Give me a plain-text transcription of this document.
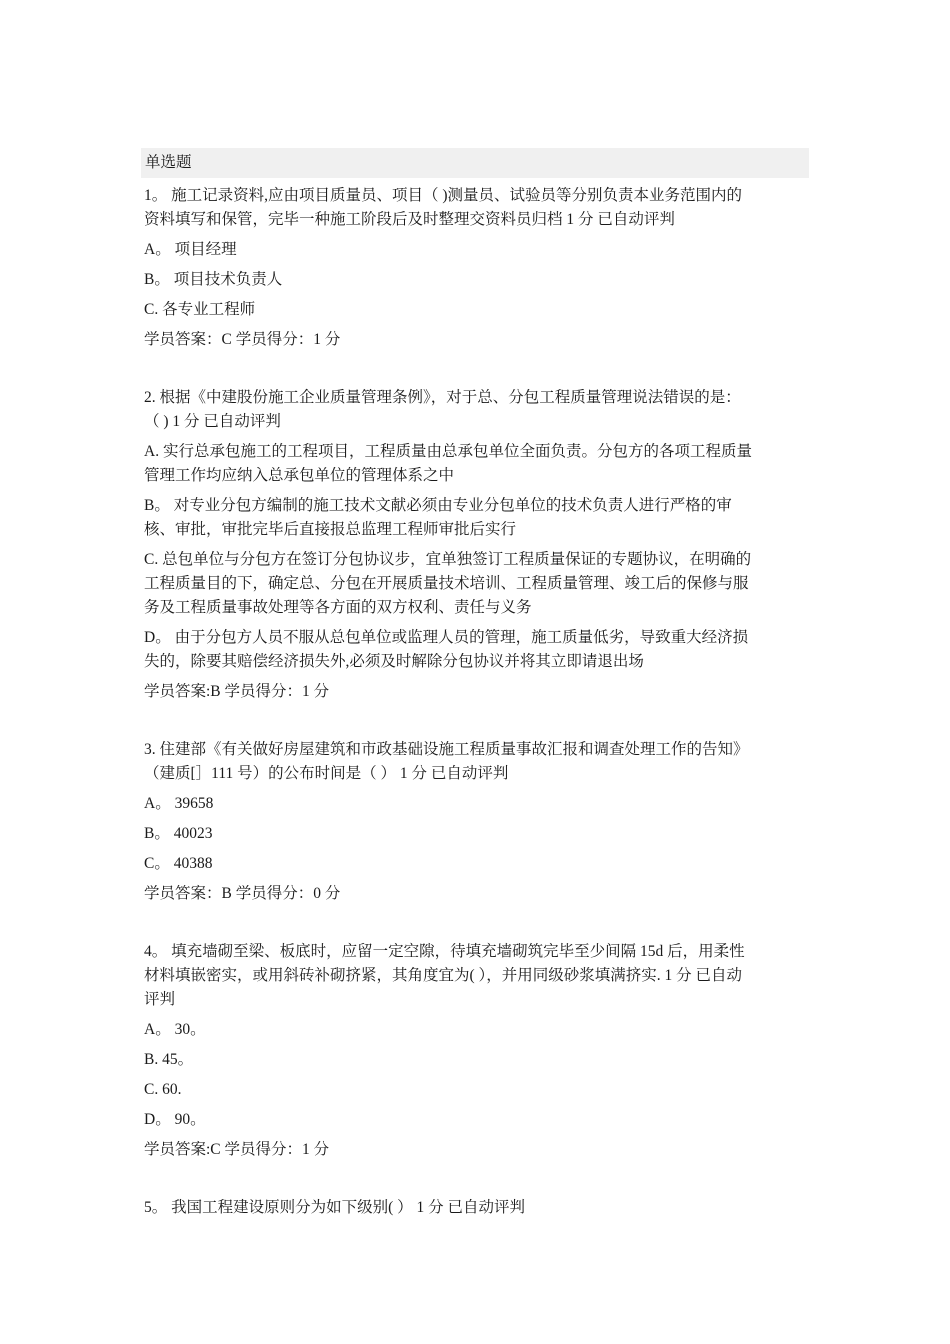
单选题
1。 施工记录资料,应由项目质量员、项目（ )测量员、试验员等分别负责本业务范围内的
资料填写和保管，完毕一种施工阶段后及时整理交资料员归档 1 分 已自动评判
A。 项目经理
B。 项目技术负责人
C. 各专业工程师
学员答案：C 学员得分：1 分
2. 根据《中建股份施工企业质量管理条例》，对于总、分包工程质量管理说法错误的是：
（ ) 1 分 已自动评判
A. 实行总承包施工的工程项目，工程质量由总承包单位全面负责。分包方的各项工程质量
管理工作均应纳入总承包单位的管理体系之中
B。 对专业分包方编制的施工技术文献必须由专业分包单位的技术负责人进行严格的审
核、审批，审批完毕后直接报总监理工程师审批后实行
C. 总包单位与分包方在签订分包协议步，宜单独签订工程质量保证的专题协议，在明确的
工程质量目的下，确定总、分包在开展质量技术培训、工程质量管理、竣工后的保修与服
务及工程质量事故处理等各方面的双方权利、责任与义务
D。 由于分包方人员不服从总包单位或监理人员的管理，施工质量低劣，导致重大经济损
失的，除要其赔偿经济损失外,必须及时解除分包协议并将其立即请退出场
学员答案:B 学员得分：1 分
3. 住建部《有关做好房屋建筑和市政基础设施工程质量事故汇报和调查处理工作的告知》
（建质[］111 号）的公布时间是（ ） 1 分 已自动评判
A。 39658
B。 40023
C。 40388
学员答案：B 学员得分：0 分
4。 填充墙砌至梁、板底时，应留一定空隙，待填充墙砌筑完毕至少间隔 15d 后，用柔性
材料填嵌密实，或用斜砖补砌挤紧，其角度宜为( ），并用同级砂浆填满挤实. 1 分 已自动
评判
A。 30。
B. 45。
C. 60.
D。 90。
学员答案:C 学员得分：1 分
5。 我国工程建设原则分为如下级别( ） 1 分 已自动评判
